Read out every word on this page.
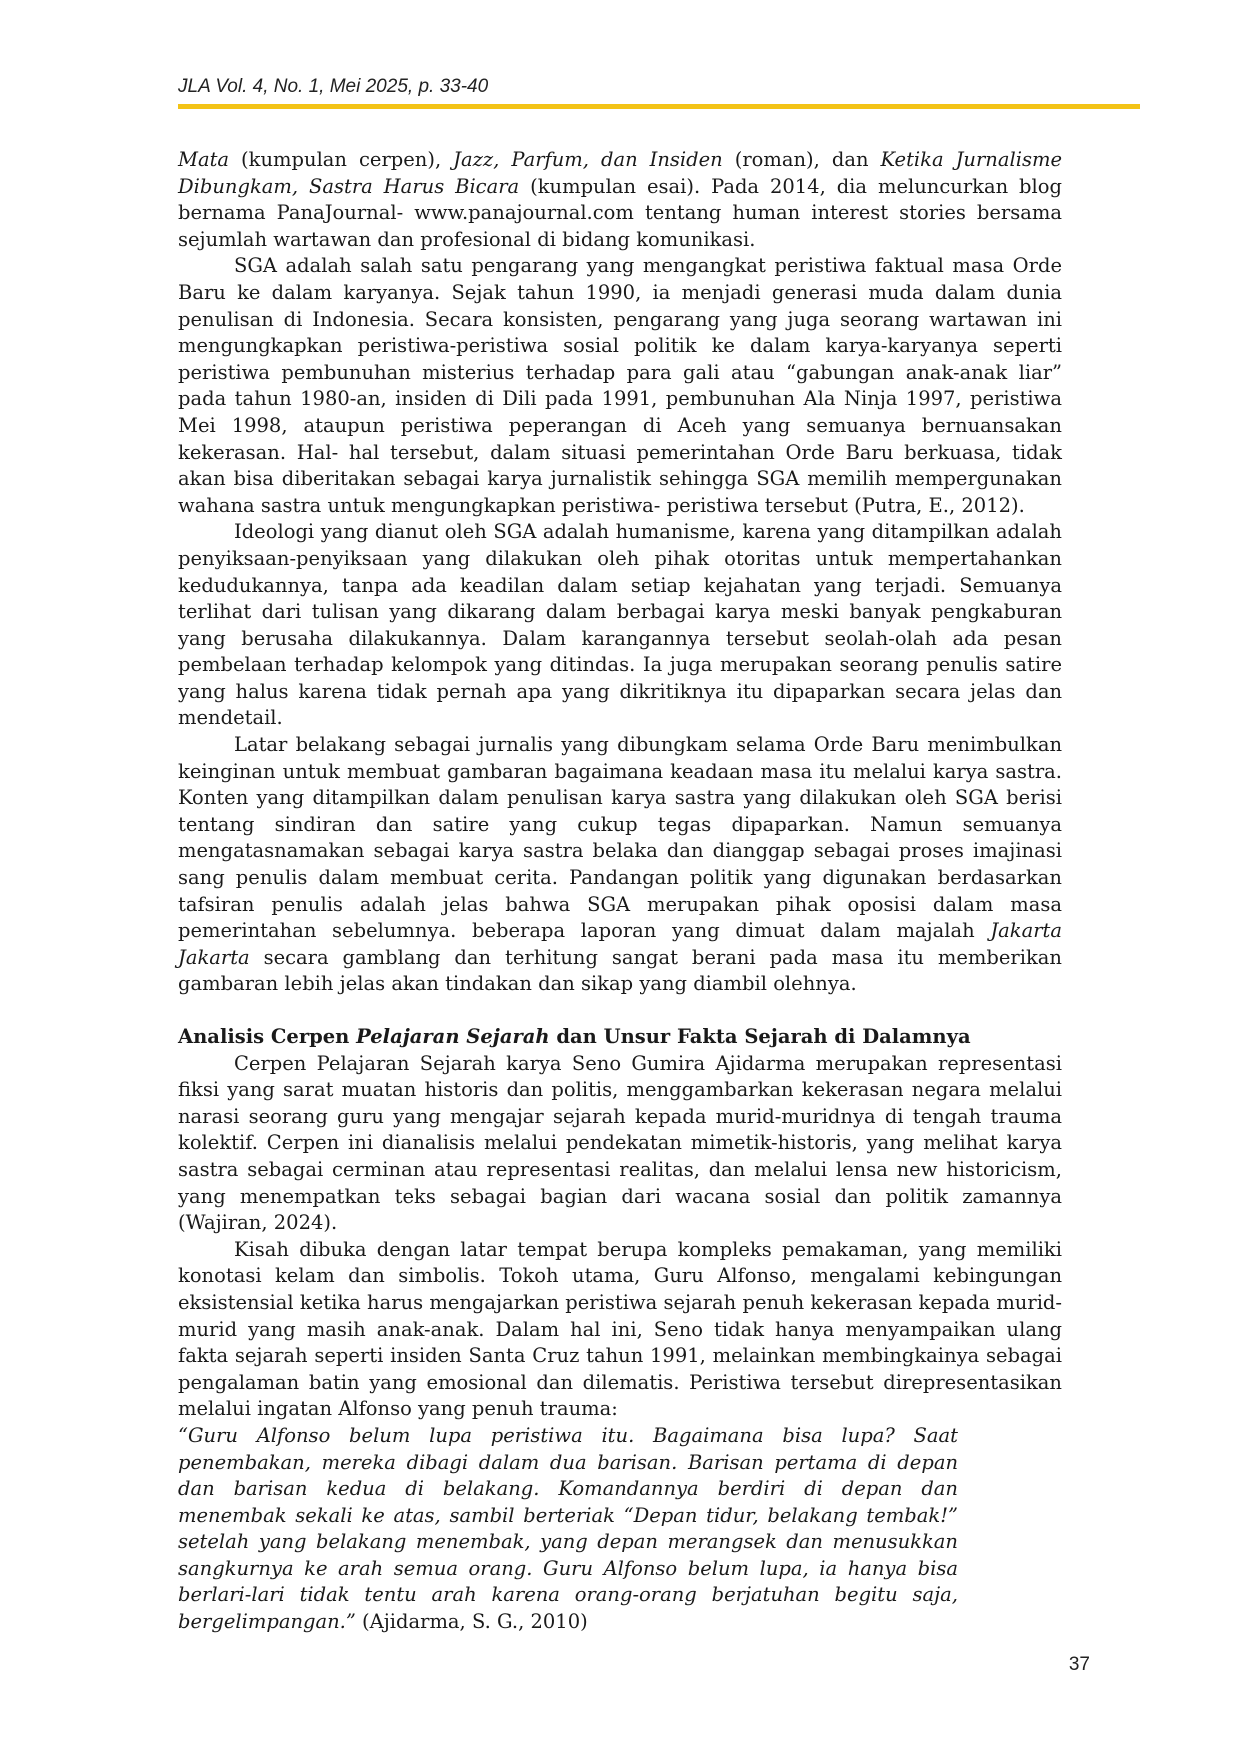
JLA Vol. 4, No. 1, Mei 2025, p. 33-40

Mata (kumpulan cerpen), Jazz, Parfum, dan Insiden (roman), dan Ketika Jurnalisme Dibungkam, Sastra Harus Bicara (kumpulan esai). Pada 2014, dia meluncurkan blog bernama PanaJournal- www.panajournal.com tentang human interest stories bersama sejumlah wartawan dan profesional di bidang komunikasi.

SGA adalah salah satu pengarang yang mengangkat peristiwa faktual masa Orde Baru ke dalam karyanya. Sejak tahun 1990, ia menjadi generasi muda dalam dunia penulisan di Indonesia. Secara konsisten, pengarang yang juga seorang wartawan ini mengungkapkan peristiwa-peristiwa sosial politik ke dalam karya-karyanya seperti peristiwa pembunuhan misterius terhadap para gali atau “gabungan anak-anak liar” pada tahun 1980-an, insiden di Dili pada 1991, pembunuhan Ala Ninja 1997, peristiwa Mei 1998, ataupun peristiwa peperangan di Aceh yang semuanya bernuansakan kekerasan. Hal- hal tersebut, dalam situasi pemerintahan Orde Baru berkuasa, tidak akan bisa diberitakan sebagai karya jurnalistik sehingga SGA memilih mempergunakan wahana sastra untuk mengungkapkan peristiwa- peristiwa tersebut (Putra, E., 2012).

Ideologi yang dianut oleh SGA adalah humanisme, karena yang ditampilkan adalah penyiksaan-penyiksaan yang dilakukan oleh pihak otoritas untuk mempertahankan kedudukannya, tanpa ada keadilan dalam setiap kejahatan yang terjadi. Semuanya terlihat dari tulisan yang dikarang dalam berbagai karya meski banyak pengkaburan yang berusaha dilakukannya. Dalam karangannya tersebut seolah-olah ada pesan pembelaan terhadap kelompok yang ditindas. Ia juga merupakan seorang penulis satire yang halus karena tidak pernah apa yang dikritiknya itu dipaparkan secara jelas dan mendetail.

Latar belakang sebagai jurnalis yang dibungkam selama Orde Baru menimbulkan keinginan untuk membuat gambaran bagaimana keadaan masa itu melalui karya sastra. Konten yang ditampilkan dalam penulisan karya sastra yang dilakukan oleh SGA berisi tentang sindiran dan satire yang cukup tegas dipaparkan. Namun semuanya mengatasnamakan sebagai karya sastra belaka dan dianggap sebagai proses imajinasi sang penulis dalam membuat cerita. Pandangan politik yang digunakan berdasarkan tafsiran penulis adalah jelas bahwa SGA merupakan pihak oposisi dalam masa pemerintahan sebelumnya. beberapa laporan yang dimuat dalam majalah Jakarta Jakarta secara gamblang dan terhitung sangat berani pada masa itu memberikan gambaran lebih jelas akan tindakan dan sikap yang diambil olehnya.

Analisis Cerpen Pelajaran Sejarah dan Unsur Fakta Sejarah di Dalamnya

Cerpen Pelajaran Sejarah karya Seno Gumira Ajidarma merupakan representasi fiksi yang sarat muatan historis dan politis, menggambarkan kekerasan negara melalui narasi seorang guru yang mengajar sejarah kepada murid-muridnya di tengah trauma kolektif. Cerpen ini dianalisis melalui pendekatan mimetik-historis, yang melihat karya sastra sebagai cerminan atau representasi realitas, dan melalui lensa new historicism, yang menempatkan teks sebagai bagian dari wacana sosial dan politik zamannya (Wajiran, 2024).

Kisah dibuka dengan latar tempat berupa kompleks pemakaman, yang memiliki konotasi kelam dan simbolis. Tokoh utama, Guru Alfonso, mengalami kebingungan eksistensial ketika harus mengajarkan peristiwa sejarah penuh kekerasan kepada murid-murid yang masih anak-anak. Dalam hal ini, Seno tidak hanya menyampaikan ulang fakta sejarah seperti insiden Santa Cruz tahun 1991, melainkan membingkainya sebagai pengalaman batin yang emosional dan dilematis. Peristiwa tersebut direpresentasikan melalui ingatan Alfonso yang penuh trauma:

“Guru Alfonso belum lupa peristiwa itu. Bagaimana bisa lupa? Saat penembakan, mereka dibagi dalam dua barisan. Barisan pertama di depan dan barisan kedua di belakang. Komandannya berdiri di depan dan menembak sekali ke atas, sambil berteriak “Depan tidur, belakang tembak!” setelah yang belakang menembak, yang depan merangsek dan menusukkan sangkurnya ke arah semua orang. Guru Alfonso belum lupa, ia hanya bisa berlari-lari tidak tentu arah karena orang-orang berjatuhan begitu saja, bergelimpangan.” (Ajidarma, S. G., 2010)

37
